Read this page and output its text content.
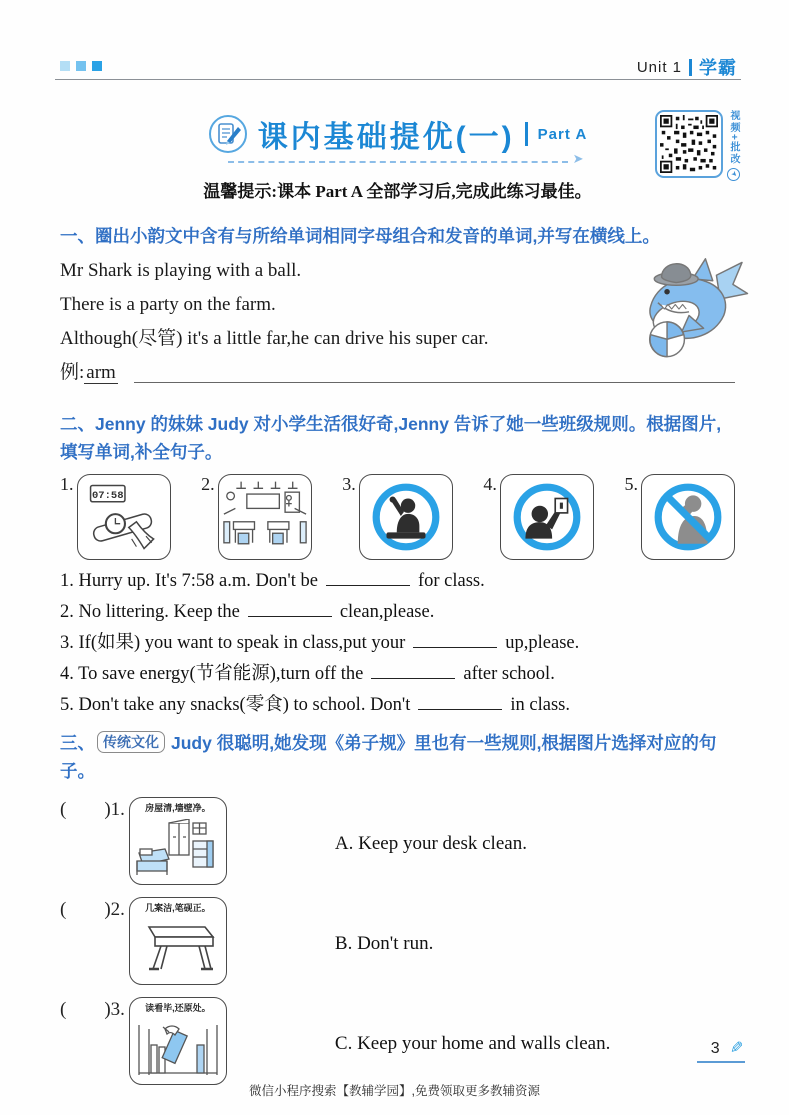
Unit 1 学霸
课内基础提优(一) Part A
➤	视频+批改
➤

温馨提示:课本 Part A 全部学习后,完成此练习最佳。

一、圈出小韵文中含有与所给单词相同字母组合和发音的单词,并写在横线上。

Mr Shark is playing with a ball.

There is a party on the farm.

Although(尽管) it's a little far,he can drive his super car.

例: arm

二、Jenny 的妹妹 Judy 对小学生活很好奇,Jenny 告诉了她一些班级规则。根据图片,填写单词,补全句子。
1.
07:58
2.	3.	4.	5.

1. Hurry up. It's 7:58 a.m. Don't be	for class.

2. No littering. Keep the	clean,please.

3. If(如果) you want to speak in class,put your	up,please.

4. To save energy(节省能源),turn off the	after school.

5. Don't take any snacks(零食) to school. Don't	in class.

三、 传统文化 Judy 很聪明,她发现《弟子规》里也有一些规则,根据图片选择对应的句子。
(        )1.	房屋清,墙壁净。

A. Keep your desk clean.

(        )2.	几案洁,笔砚正。

B. Don't run.

(        )3.	读看毕,还原处。

C. Keep your home and walls clean.	3 ✎

微信小程序搜索【教辅学园】,免费领取更多教辅资源
